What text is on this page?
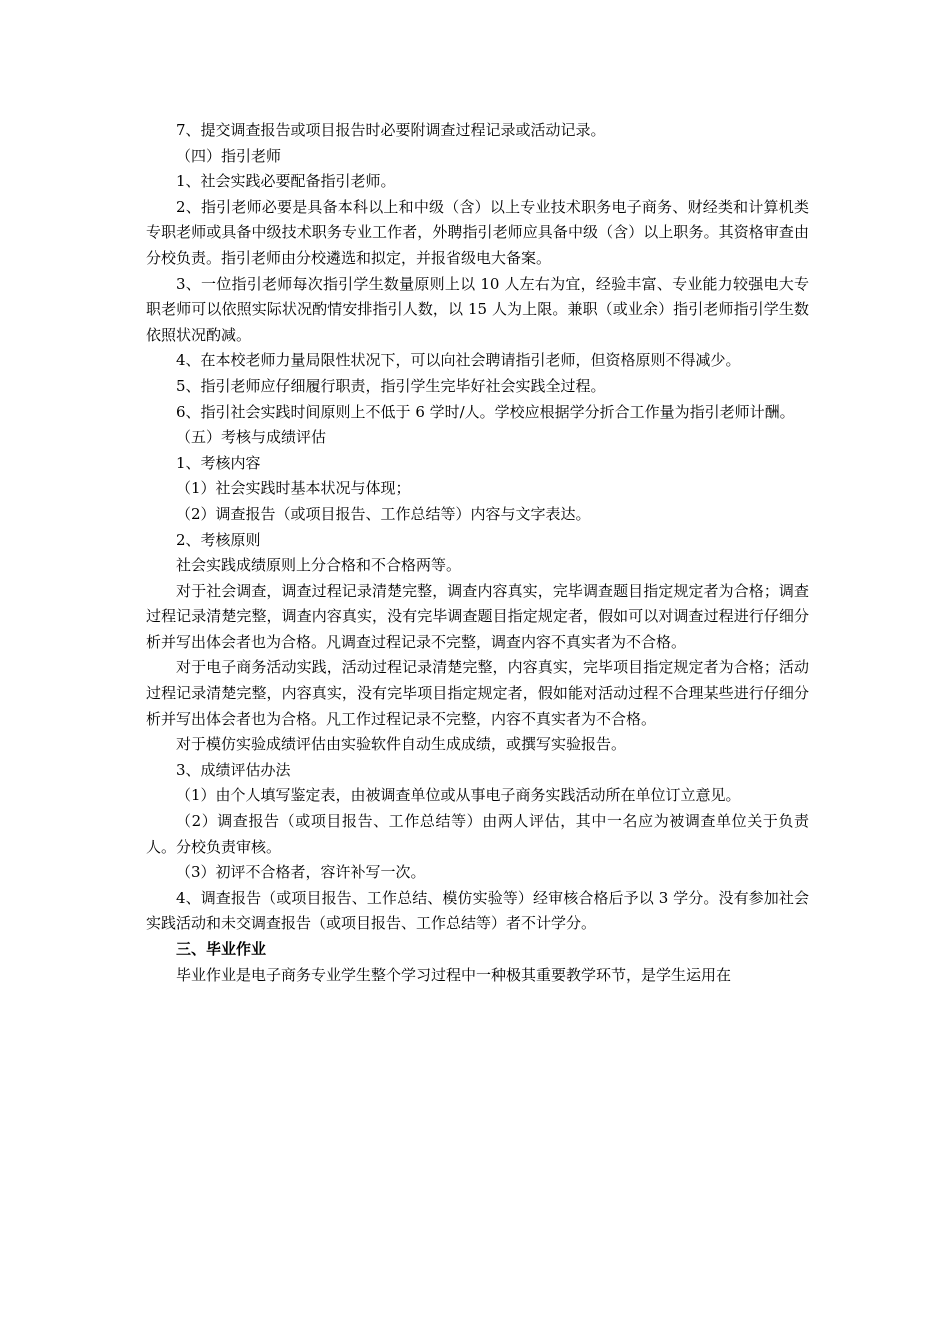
7、提交调查报告或项目报告时必要附调查过程记录或活动记录。

（四）指引老师

1、社会实践必要配备指引老师。

2、指引老师必要是具备本科以上和中级（含）以上专业技术职务电子商务、财经类和计算机类专职老师或具备中级技术职务专业工作者，外聘指引老师应具备中级（含）以上职务。其资格审查由分校负责。指引老师由分校遴选和拟定，并报省级电大备案。

3、一位指引老师每次指引学生数量原则上以 10 人左右为宜，经验丰富、专业能力较强电大专职老师可以依照实际状况酌情安排指引人数，以 15 人为上限。兼职（或业余）指引老师指引学生数依照状况酌减。

4、在本校老师力量局限性状况下，可以向社会聘请指引老师，但资格原则不得减少。

5、指引老师应仔细履行职责，指引学生完毕好社会实践全过程。

6、指引社会实践时间原则上不低于 6 学时/人。学校应根据学分折合工作量为指引老师计酬。

（五）考核与成绩评估

1、考核内容

（1）社会实践时基本状况与体现；

（2）调查报告（或项目报告、工作总结等）内容与文字表达。

2、考核原则

社会实践成绩原则上分合格和不合格两等。

对于社会调查，调查过程记录清楚完整，调查内容真实，完毕调查题目指定规定者为合格；调查过程记录清楚完整，调查内容真实，没有完毕调查题目指定规定者，假如可以对调查过程进行仔细分析并写出体会者也为合格。凡调查过程记录不完整，调查内容不真实者为不合格。

对于电子商务活动实践，活动过程记录清楚完整，内容真实，完毕项目指定规定者为合格；活动过程记录清楚完整，内容真实，没有完毕项目指定规定者，假如能对活动过程不合理某些进行仔细分析并写出体会者也为合格。凡工作过程记录不完整，内容不真实者为不合格。

对于模仿实验成绩评估由实验软件自动生成成绩，或撰写实验报告。

3、成绩评估办法

（1）由个人填写鉴定表，由被调查单位或从事电子商务实践活动所在单位订立意见。

（2）调查报告（或项目报告、工作总结等）由两人评估，其中一名应为被调查单位关于负责人。分校负责审核。

（3）初评不合格者，容许补写一次。

4、调查报告（或项目报告、工作总结、模仿实验等）经审核合格后予以 3 学分。没有参加社会实践活动和未交调查报告（或项目报告、工作总结等）者不计学分。

三、毕业作业

毕业作业是电子商务专业学生整个学习过程中一种极其重要教学环节，是学生运用在
